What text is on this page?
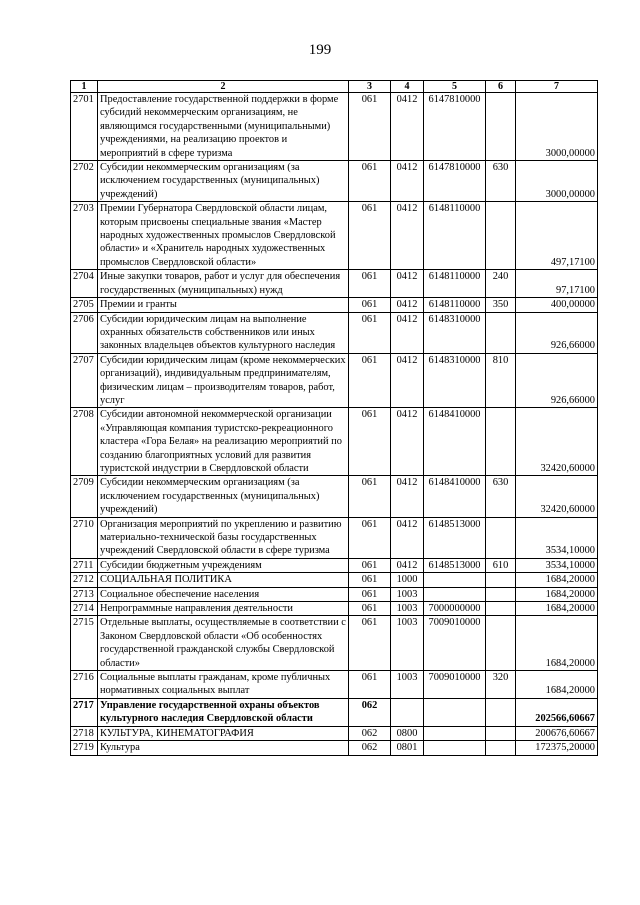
199
1	2	3	4	5	6	7
2701	Предоставление государственной поддержки в форме субсидий некоммерческим организациям, не являющимся государственными (муниципальными) учреждениями, на реализацию проектов и мероприятий в сфере туризма	061	0412	6147810000		3000,00000
2702	Субсидии некоммерческим организациям (за исключением государственных (муниципальных) учреждений)	061	0412	6147810000	630	3000,00000
2703	Премии Губернатора Свердловской области лицам, которым присвоены специальные звания «Мастер народных художественных промыслов Свердловской области» и «Хранитель народных художественных промыслов Свердловской области»	061	0412	6148110000		497,17100
2704	Иные закупки товаров, работ и услуг для обеспечения государственных (муниципальных) нужд	061	0412	6148110000	240	97,17100
2705	Премии и гранты	061	0412	6148110000	350	400,00000
2706	Субсидии юридическим лицам на выполнение охранных обязательств собственников или иных законных владельцев объектов культурного наследия	061	0412	6148310000		926,66000
2707	Субсидии юридическим лицам (кроме некоммерческих организаций), индивидуальным предпринимателям, физическим лицам – производителям товаров, работ, услуг	061	0412	6148310000	810	926,66000
2708	Субсидии автономной некоммерческой организации «Управляющая компания туристско-рекреационного кластера «Гора Белая» на реализацию мероприятий по созданию благоприятных условий для развития туристской индустрии в Свердловской области	061	0412	6148410000		32420,60000
2709	Субсидии некоммерческим организациям (за исключением государственных (муниципальных) учреждений)	061	0412	6148410000	630	32420,60000
2710	Организация мероприятий по укреплению и развитию материально-технической базы государственных учреждений Свердловской области в сфере туризма	061	0412	6148513000		3534,10000
2711	Субсидии бюджетным учреждениям	061	0412	6148513000	610	3534,10000
2712	СОЦИАЛЬНАЯ ПОЛИТИКА	061	1000			1684,20000
2713	Социальное обеспечение населения	061	1003			1684,20000
2714	Непрограммные направления деятельности	061	1003	7000000000		1684,20000
2715	Отдельные выплаты, осуществляемые в соответствии с Законом Свердловской области «Об особенностях государственной гражданской службы Свердловской области»	061	1003	7009010000		1684,20000
2716	Социальные выплаты гражданам, кроме публичных нормативных социальных выплат	061	1003	7009010000	320	1684,20000
2717	Управление государственной охраны объектов культурного наследия Свердловской области	062				202566,60667
2718	КУЛЬТУРА, КИНЕМАТОГРАФИЯ	062	0800			200676,60667
2719	Культура	062	0801			172375,20000
